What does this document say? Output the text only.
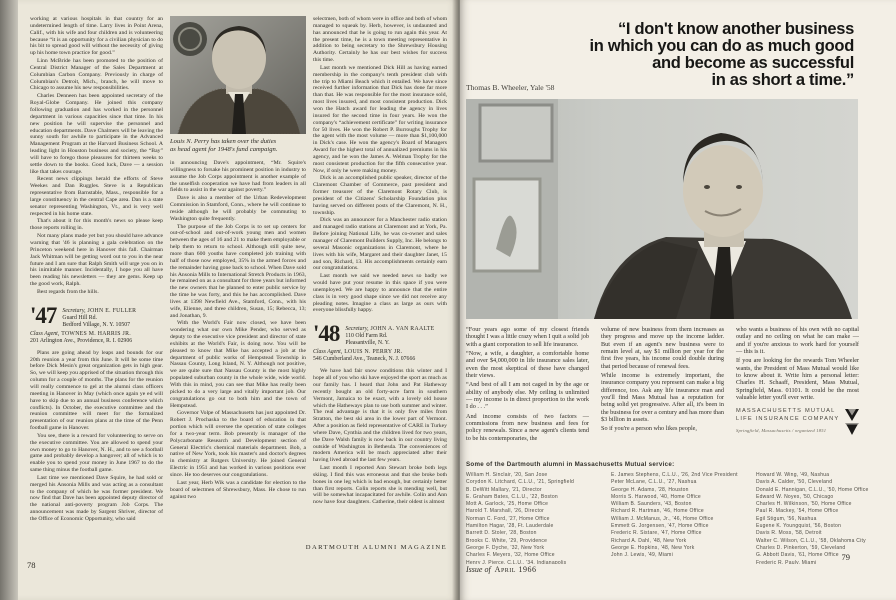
working at various hospitals in that country for an undetermined length of time. Larry lives in Point Arena, Calif., with his wife and four children and is volunteering because “it is an opportunity for a civilian physician to do his bit to spread good will without the necessity of giving up his home town practice for good.”

Linn McBride has been promoted to the position of Central District Manager of the Sales Department at Columbian Carbon Company. Previously in charge of Columbian's Detroit, Mich., branch, he will move to Chicago to assume his new responsibilities.

Charles Denneen has been appointed secretary of the Royal-Globe Company. He joined this company following graduation and has worked in the personnel department in various capacities since that time. In his new position he will supervise the personnel and education departments. Dave Chalmers will be leaving the sunny south for awhile to participate in the Advanced Management Program at the Harvard Business School. A leading light in Houston business and society, the “Bay” will have to forego those pleasures for thirteen weeks to settle down to the books. Good luck, Dave — a session like that takes courage.

Recent news clippings herald the efforts of Steve Weekes and Dan Ruggles. Steve is a Republican representative from Barnstable, Mass., responsible for a large constituency in the central Cape area. Dan is a state senator representing Washington, Vt., and is very well respected in his home state.

That's about it for this month's news so please keep those reports rolling in.

Not many plans made yet but you should have advance warning that '46 is planning a gala celebration on the Princeton weekend here in Hanover this fall. Chairman Jack Whitman will be getting word out to you in the near future and I am sure that Ralph Smith will urge you on in his inimitable manner. Incidentally, I hope you all have been reading his newsletters — they are gems. Keep up the good work, Ralph.

Best regards from the hills.

'47 Secretary, JOHN E. FULLER
Guard Hill Rd.
Bedford Village, N. Y. 10507
Class Agent, TOWNES M. HARRIS JR.
201 Arlington Ave., Providence, R. I. 02906

Plans are going ahead by leaps and bounds for our 20th reunion a year from this June. It will be some time before Dick Mesin's great organization gets in high gear. So, we will keep you apprised of the situation through this column for a couple of months. The plans for the reunion will really commence to gel at the alumni class officers meeting in Hanover in May (which once again ye ed will have to skip due to an annual business conference which conflicts). In October, the executive committee and the reunion committee will meet for the formalized presentation of our reunion plans at the time of the Penn football game in Hanover.

You see, there is a reward for volunteering to serve on the executive committee. You are allowed to spend your own money to go to Hanover, N. H., and to see a football game and probably develop a hangover; all of which is to enable you to spend your money in June 1967 to do the same thing minus the football game.

Last time we mentioned Dave Squire, he had sold or merged his Ansonia Mills and was acting as a consultant to the company of which he was former president. We now find that Dave has been appointed deputy director of the national anti-poverty program Job Corps. The announcement was made by Sargent Shriver, director of the Office of Economic Opportunity, who said

Louis N. Perry has taken over the duties
as head agent for 1948's fund campaign.

in announcing Dave's appointment, “Mr. Squire's willingness to forsake his prominent position in industry to assume the Job Corps appointment is another example of the unselfish cooperation we have had from leaders in all fields to assist in the war against poverty.”

Dave is also a member of the Urban Redevelopment Commission in Stamford, Conn., where he will continue to reside although he will probably be commuting to Washington quite frequently.

The purpose of the Job Corps is to set up centers for out-of-school and out-of-work young men and women between the ages of 16 and 21 to make them employable or help them to return to school. Although still quite new, more than 600 youths have completed job training with half of those now employed, 35% in the armed forces and the remainder having gone back to school. When Dave sold his Ansonia Mills to International Stretch Products in 1963, he remained on as a consultant for three years but informed the new owners that he planned to enter public service by the time he was forty, and this he has accomplished. Dave lives at 1398 Newfield Ave., Stamford, Conn., with his wife, Elienne, and three children, Susan, 15; Rebecca, 13; and Jonathan, 9.

With the World's Fair now closed, we have been wondering what our own Mike Pender, who served as deputy to the executive vice president and director of state exhibits at the World's Fair, is doing now. You will be pleased to know that Mike has accepted a job at the department of public works of Hempstead Township in Nassau County, Long Island, N. Y. Although not positive, we are quite sure that Nassau County is the most highly populated suburban county in the whole wide, wide world. With this in mind, you can see that Mike has really been picked to do a very large and vitally important job. Our congratulations go out to both him and the town of Hempstead.

Governor Volpe of Massachusetts has just appointed Dr. Robert J. Prochaska to the board of education in that portion which will oversee the operation of state colleges for a two-year term. Bob presently is manager of the Polycarbonate Research and Development section of General Electric's chemical materials department. Bob, a native of New York, took his master's and doctor's degrees in chemistry at Rutgers University. He joined General Electric in 1951 and has worked in various positions ever since. He too deserves our congratulations.

Last year, Herb Wik was a candidate for election to the board of selectmen of Shrewsbury, Mass. He chose to run against two

selectmen, both of whom were in office and both of whom managed to squeak by. Herb, however, is undaunted and has announced that he is going to run again this year. At the present time, he is a town meeting representative in addition to being secretary to the Shrewsbury Housing Authority. Certainly he has our best wishes for success this time.

Last month we mentioned Dick Hill as having earned membership in the company's tenth president club with the trip to Miami Beach which it entailed. We have since received further information that Dick has done far more than that. He was responsible for the most insurance sold, most lives insured, and most consistent production. Dick won the Hatch award for leading the agency in lives insured for the second time in four years. He won the company's “achievement certificate” for writing insurance for 50 lives. He won the Robert P. Burroughs Trophy for the agent with the most volume — more than $1,100,000 in Dick's case. He won the agency's Board of Managers Award for the highest total of annualized premiums in his agency, and he won the James A. Welman Trophy for the most consistent production for the fifth consecutive year. Now, if only he were making money.

Dick is an accomplished public speaker, director of the Claremont Chamber of Commerce, past president and former treasurer of the Claremont Rotary Club, is president of the Citizens' Scholarship Foundation plus having served on different posts of the Claremont, N. H., township.

Dick was an announcer for a Manchester radio station and managed radio stations at Claremont and at York, Pa. Before joining National Life, he was co-owner and sales manager of Claremont Builders Supply, Inc. He belongs to several Masonic organizations in Claremont, where he lives with his wife, Margaret and their daughter Janet, 15 and son, Richard, 13. His accomplishments certainly earn our congratulations.

Last month we said we needed news so badly we would have put your resume in this space if you were unemployed. We are happy to announce that the entire class is in very good shape since we did not receive any pleading notes. Imagine a class as large as ours with everyone blissfully happy.

'48 Secretary, JOHN A. VAN RAALTE
110 Old Farm Rd.
Pleasantville, N. Y.
Class Agent, LOUIS N. PERRY JR.
546 Cumberland Ave., Teaneck, N. J. 07666

We have had fair snow conditions this winter and I hope all of you who ski have enjoyed the sport as much as our family has. I heard that John and Pat Hatheway recently bought an old forty-acre farm in southern Vermont, Jamaica to be exact, with a lovely old house which the Hatheways plan to use both summer and winter. The real advantage is that it is only five miles from Stratton, the best ski area in the lower part of Vermont. After a position as field representative of CARE in Turkey where Dave, Cynthia and the children lived for two years, the Dave Walsh family is now back in our country living outside of Washington in Bethesda. The conveniences of modern America will be much appreciated after their having lived abroad the last few years.

Last month I reported Ann Stewart broke both legs skiing. I find this was erroneous and that she broke both bones in one leg which is bad enough, but certainly better than first reports. Colin reports she is mending well, but will be somewhat incapacitated for awhile. Colin and Ann now have four daughters. Catherine, their oldest is almost

DARTMOUTH ALUMNI MAGAZINE
78
“I don't know another business
in which you can do as much good
and become as successful
in as short a time.”
Thomas B. Wheeler, Yale '58

“Four years ago some of my closest friends thought I was a little crazy when I quit a solid job with a giant corporation to sell life insurance.

“Now, a wife, a daughter, a comfortable home and over $4,000,000 in life insurance sales later, even the most skeptical of these have changed their views.

“And best of all I am not caged in by the age or ability of anybody else. My ceiling is unlimited — my income is in direct proportion to the work I do . . .”

And income consists of two factors — commissions from new business and fees for policy renewals. Since a new agent's clients tend to be his contemporaries, the

volume of new business from them increases as they progress and move up the income ladder. But even if an agent's new business were to remain level at, say $1 million per year for the first five years, his income could double during that period because of renewal fees.

While income is extremely important, the insurance company you represent can make a big difference, too. Ask any life insurance man and you'll find Mass Mutual has a reputation for being solid yet progressive. After all, it's been in the business for over a century and has more than $3 billion in assets.

So if you're a person who likes people,

who wants a business of his own with no capital outlay and no ceiling on what he can make — and if you're anxious to work hard for yourself — this is it.

If you are looking for the rewards Tom Wheeler wants, the President of Mass Mutual would like to know about it. Write him a personal letter: Charles H. Schaaff, President, Mass Mutual, Springfield, Mass. 01101. It could be the most valuable letter you'll ever write.

MASSACHUSETTS MUTUAL
LIFE INSURANCE COMPANY
Springfield, Massachusetts / organized 1851
Some of the Dartmouth alumni in Massachusetts Mutual service:

William H. Sinclair, '20, San Jose

Corydon K. Litchard, C.L.U., '21, Springfield

B. DeWitt Mallary, '21, Director

E. Graham Bates, C.L.U., '22, Boston

Mott A. Garlock, '25, Home Office

Harold T. Marshall, '26, Director

Norman C. Ford, '27, Home Office

Hamilton Hagar, '28, Ft. Lauderdale

Barrett D. Stoler, '28, Boston

Brooks C. White, '29, Providence

George F. Dyche, '32, New York

Charles F. Meyers, '32, Home Office

Henry J. Pierce, C.L.U., '34, Indianapolis

E. James Stephens, C.L.U., '26, 2nd Vice President

Peter McLane, C.L.U., '27, Nashua

George H. Adams, '28, Houston

Morris S. Harwood, '40, Home Office

William B. Saunders, '43, Boston

Richard R. Hartman, '46, Home Office

William J. McManus, Jr., '46, Home Office

Emmett G. Jorgensen, '47, Home Office

Frederic R. Sistare, '47, Home Office

Richard A. Dahl, '48, New York

George E. Hopkins, '48, New York

John J. Lewis, '49, Miami

Howard W. Wing, '49, Nashua

Davis A. Calder, '50, Cleveland

Donald E. Hannigan, C.L.U., '50, Home Office

Edward W. Noyes, '50, Chicago

Charles H. Wilkinson, '50, Home Office

Paul R. Mackey, '54, Home Office

Egil Stigum, '56, Nashua

Eugene K. Youngquist, '56, Boston

Davis R. Moss, '58, Detroit

Walter C. Wilson, C.L.U., '58, Oklahoma City

Charles D. Pinkerton, '59, Cleveland

G. Abbott Davis, '61, Home Office

Frederic R. Pauly, Miami

Issue of April 1966
79
